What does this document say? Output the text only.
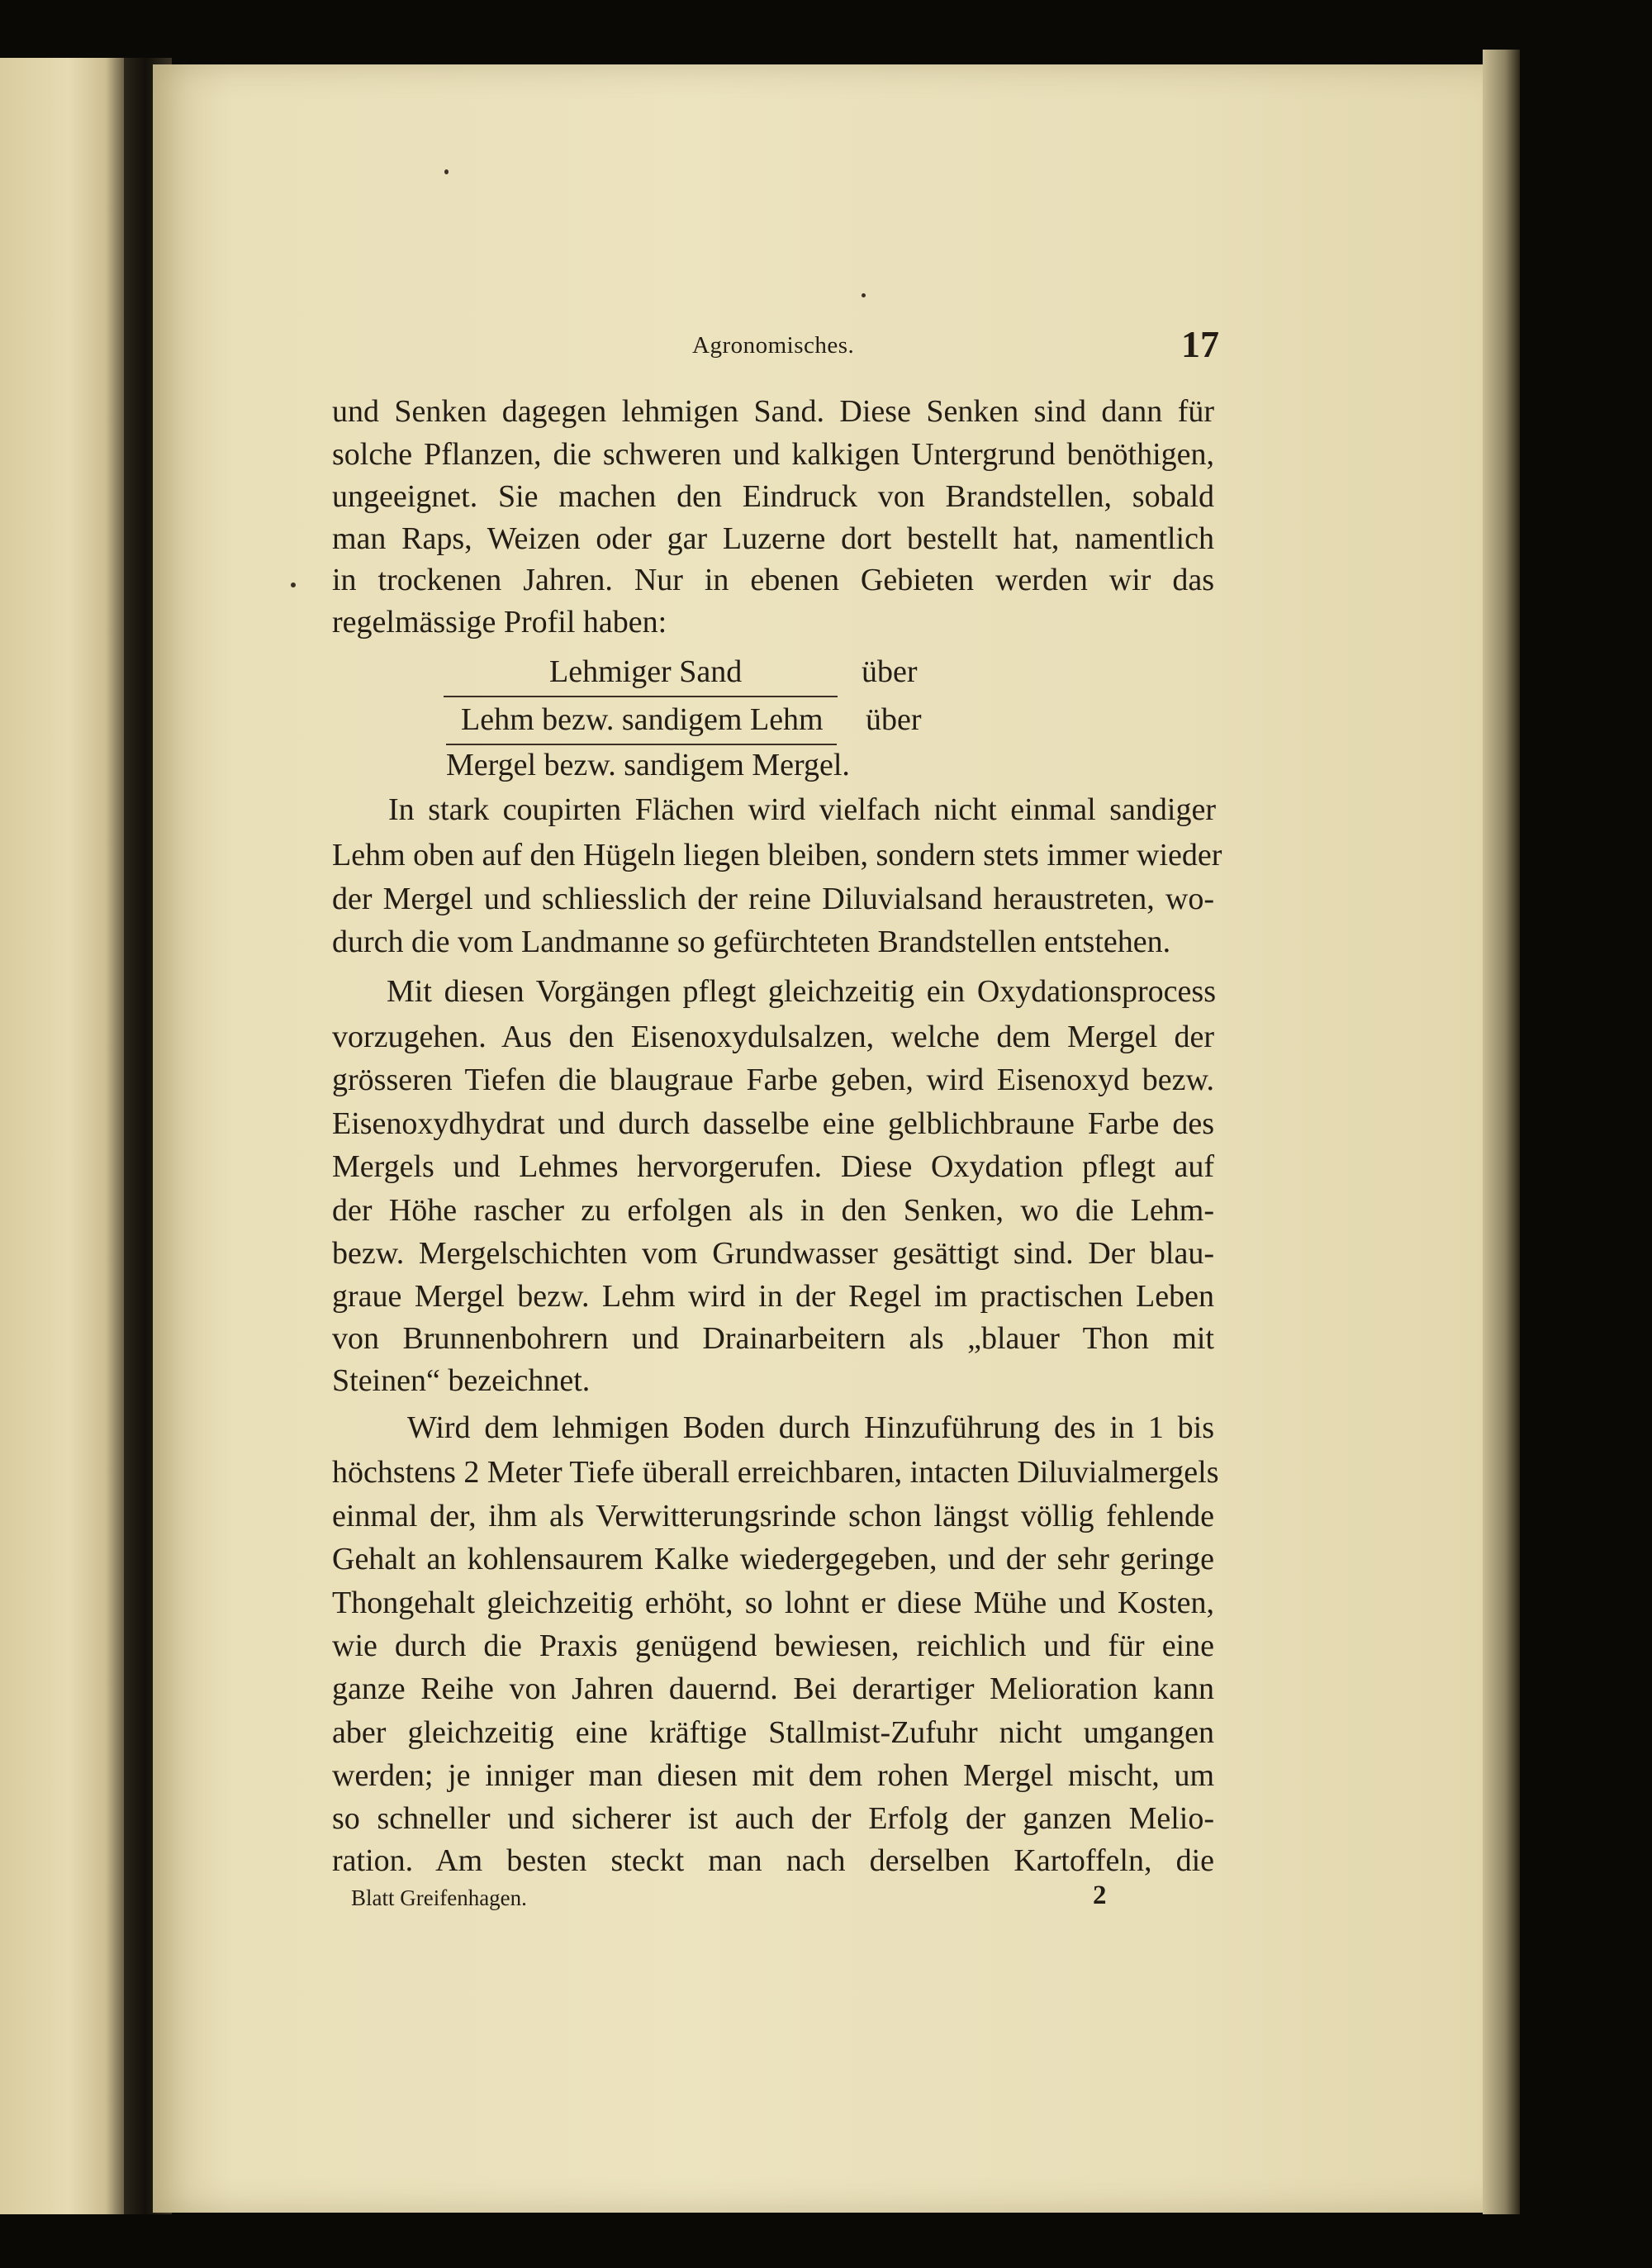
Agronomisches.	17
und Senken dagegen lehmigen Sand. Diese Senken sind dann für
solche Pflanzen, die schweren und kalkigen Untergrund benöthigen,
ungeeignet. Sie machen den Eindruck von Brandstellen, sobald
man Raps, Weizen oder gar Luzerne dort bestellt hat, namentlich
in trockenen Jahren. Nur in ebenen Gebieten werden wir das
regelmässige Profil haben:
Lehmiger Sand	über
Lehm bezw. sandigem Lehm über
Mergel bezw. sandigem Mergel.
In stark coupirten Flächen wird vielfach nicht einmal sandiger
Lehm oben auf den Hügeln liegen bleiben, sondern stets immer wieder
der Mergel und schliesslich der reine Diluvialsand heraustreten, wo-
durch die vom Landmanne so gefürchteten Brandstellen entstehen.
Mit diesen Vorgängen pflegt gleichzeitig ein Oxydationsprocess
vorzugehen. Aus den Eisenoxydulsalzen, welche dem Mergel der
grösseren Tiefen die blaugraue Farbe geben, wird Eisenoxyd bezw.
Eisenoxydhydrat und durch dasselbe eine gelblichbraune Farbe des
Mergels und Lehmes hervorgerufen. Diese Oxydation pflegt auf
der Höhe rascher zu erfolgen als in den Senken, wo die Lehm-
bezw. Mergelschichten vom Grundwasser gesättigt sind. Der blau-
graue Mergel bezw. Lehm wird in der Regel im practischen Leben
von Brunnenbohrern und Drainarbeitern als „blauer Thon mit
Steinen“ bezeichnet.
Wird dem lehmigen Boden durch Hinzuführung des in 1 bis
höchstens 2 Meter Tiefe überall erreichbaren, intacten Diluvialmergels
einmal der, ihm als Verwitterungsrinde schon längst völlig fehlende
Gehalt an kohlensaurem Kalke wiedergegeben, und der sehr geringe
Thongehalt gleichzeitig erhöht, so lohnt er diese Mühe und Kosten,
wie durch die Praxis genügend bewiesen, reichlich und für eine
ganze Reihe von Jahren dauernd. Bei derartiger Melioration kann
aber gleichzeitig eine kräftige Stallmist-Zufuhr nicht umgangen
werden; je inniger man diesen mit dem rohen Mergel mischt, um
so schneller und sicherer ist auch der Erfolg der ganzen Melio-
Blatt Greifenhagen.	2
ration. Am besten steckt man nach derselben Kartoffeln, die
